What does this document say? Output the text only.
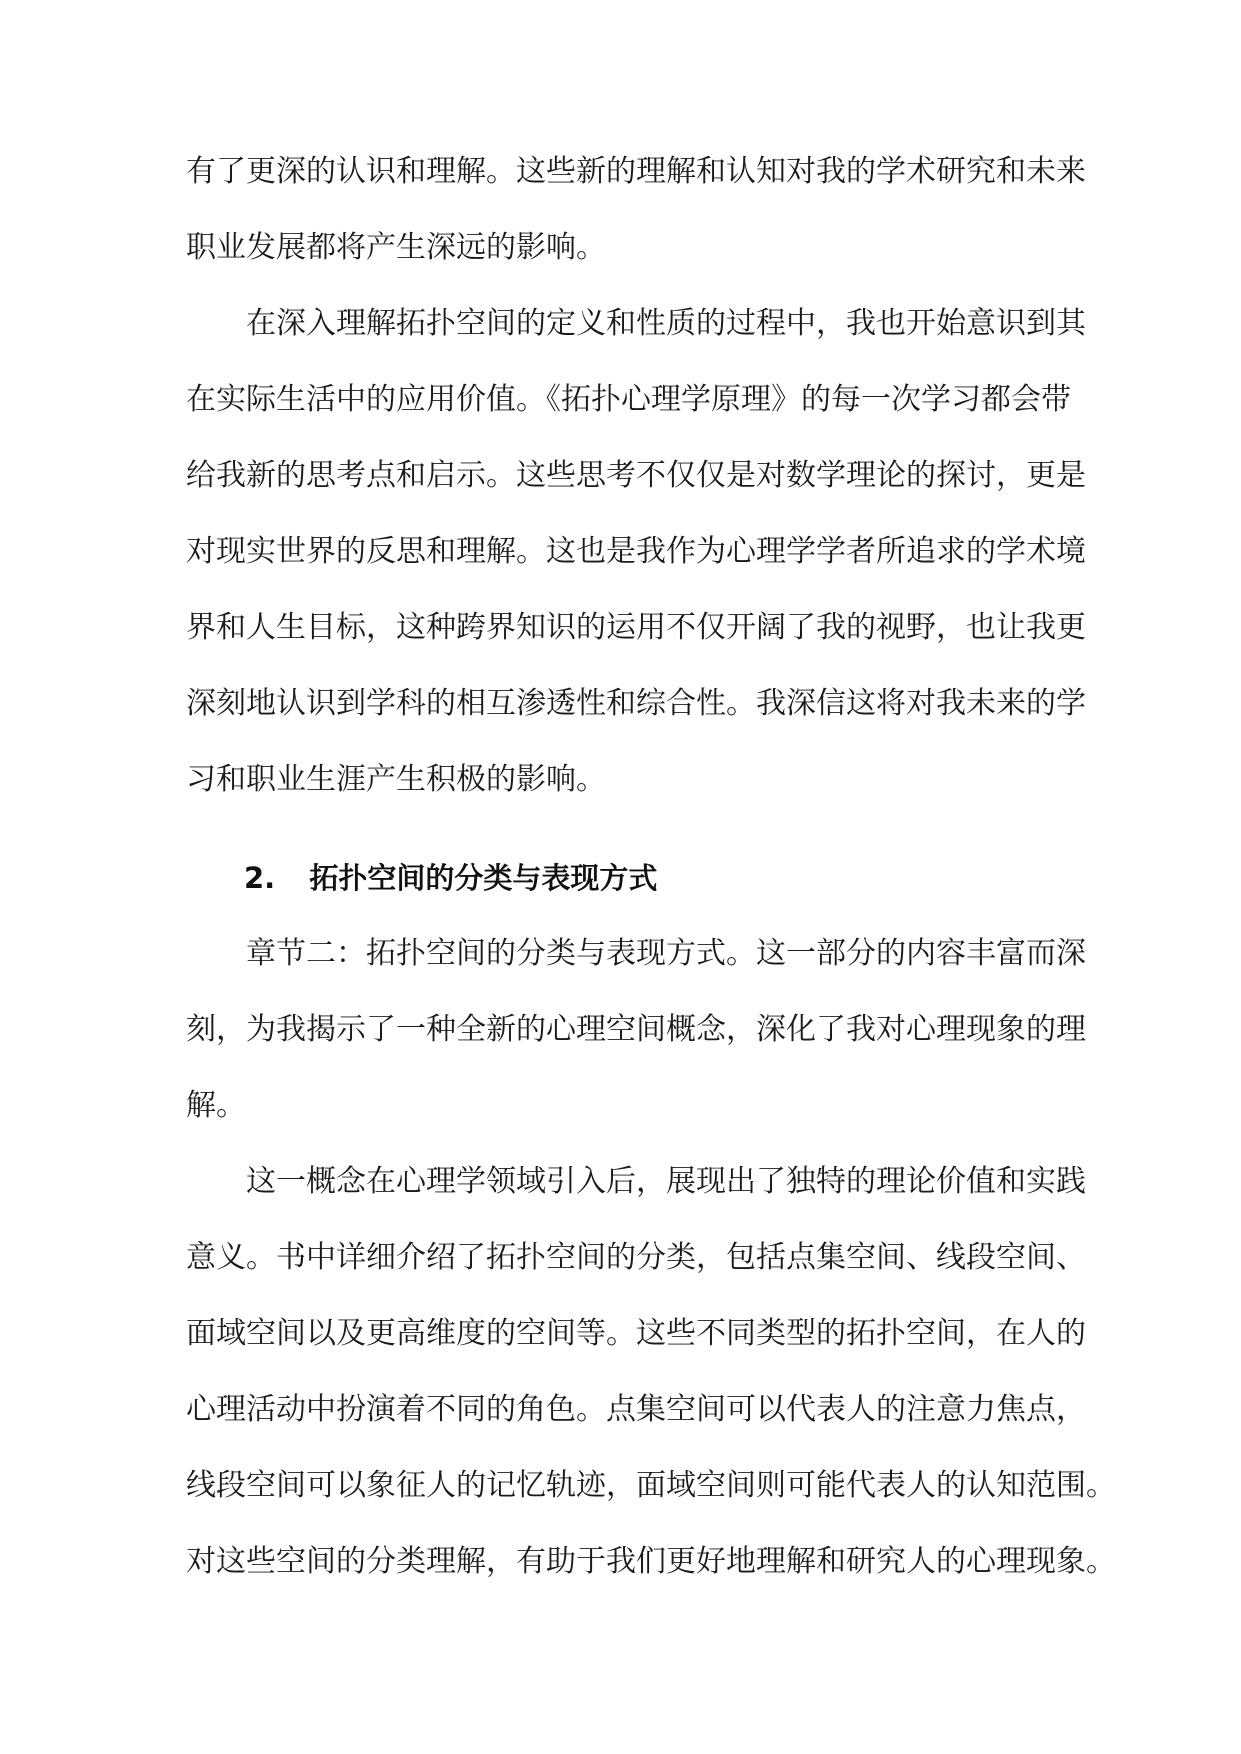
有了更深的认识和理解。这些新的理解和认知对我的学术研究和未来

职业发展都将产生深远的影响。

在深入理解拓扑空间的定义和性质的过程中，我也开始意识到其

在实际生活中的应用价值。《拓扑心理学原理》的每一次学习都会带

给我新的思考点和启示。这些思考不仅仅是对数学理论的探讨，更是

对现实世界的反思和理解。这也是我作为心理学学者所追求的学术境

界和人生目标，这种跨界知识的运用不仅开阔了我的视野，也让我更

深刻地认识到学科的相互渗透性和综合性。我深信这将对我未来的学

习和职业生涯产生积极的影响。

2. 拓扑空间的分类与表现方式

章节二：拓扑空间的分类与表现方式。这一部分的内容丰富而深

刻，为我揭示了一种全新的心理空间概念，深化了我对心理现象的理

解。

这一概念在心理学领域引入后，展现出了独特的理论价值和实践

意义。书中详细介绍了拓扑空间的分类，包括点集空间、线段空间、

面域空间以及更高维度的空间等。这些不同类型的拓扑空间，在人的

心理活动中扮演着不同的角色。点集空间可以代表人的注意力焦点，

线段空间可以象征人的记忆轨迹，面域空间则可能代表人的认知范围。

对这些空间的分类理解，有助于我们更好地理解和研究人的心理现象。
